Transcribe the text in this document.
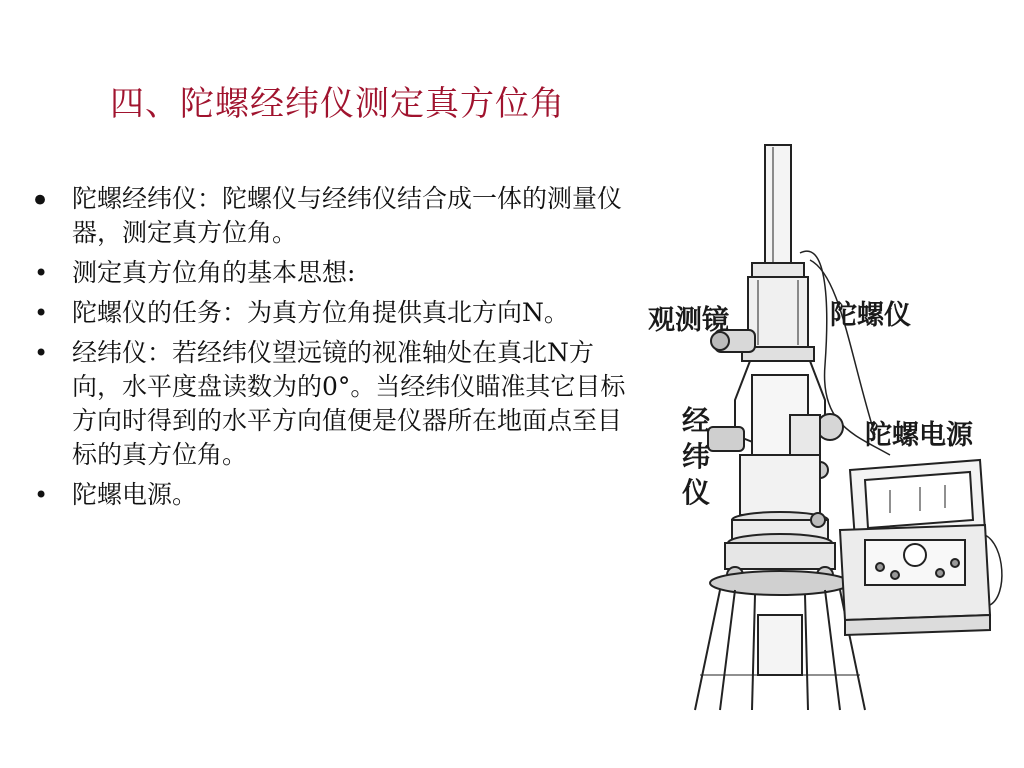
四、陀螺经纬仪测定真方位角
• 陀螺经纬仪：陀螺仪与经纬仪结合成一体的测量仪器，测定真方位角。
• 测定真方位角的基本思想:
• 陀螺仪的任务：为真方位角提供真北方向N。
• 经纬仪：若经纬仪望远镜的视准轴处在真北N方向，水平度盘读数为的0°。当经纬仪瞄准其它目标方向时得到的水平方向值便是仪器所在地面点至目标的真方位角。
• 陀螺电源。
观测镜	陀螺仪
经纬仪
陀螺电源
